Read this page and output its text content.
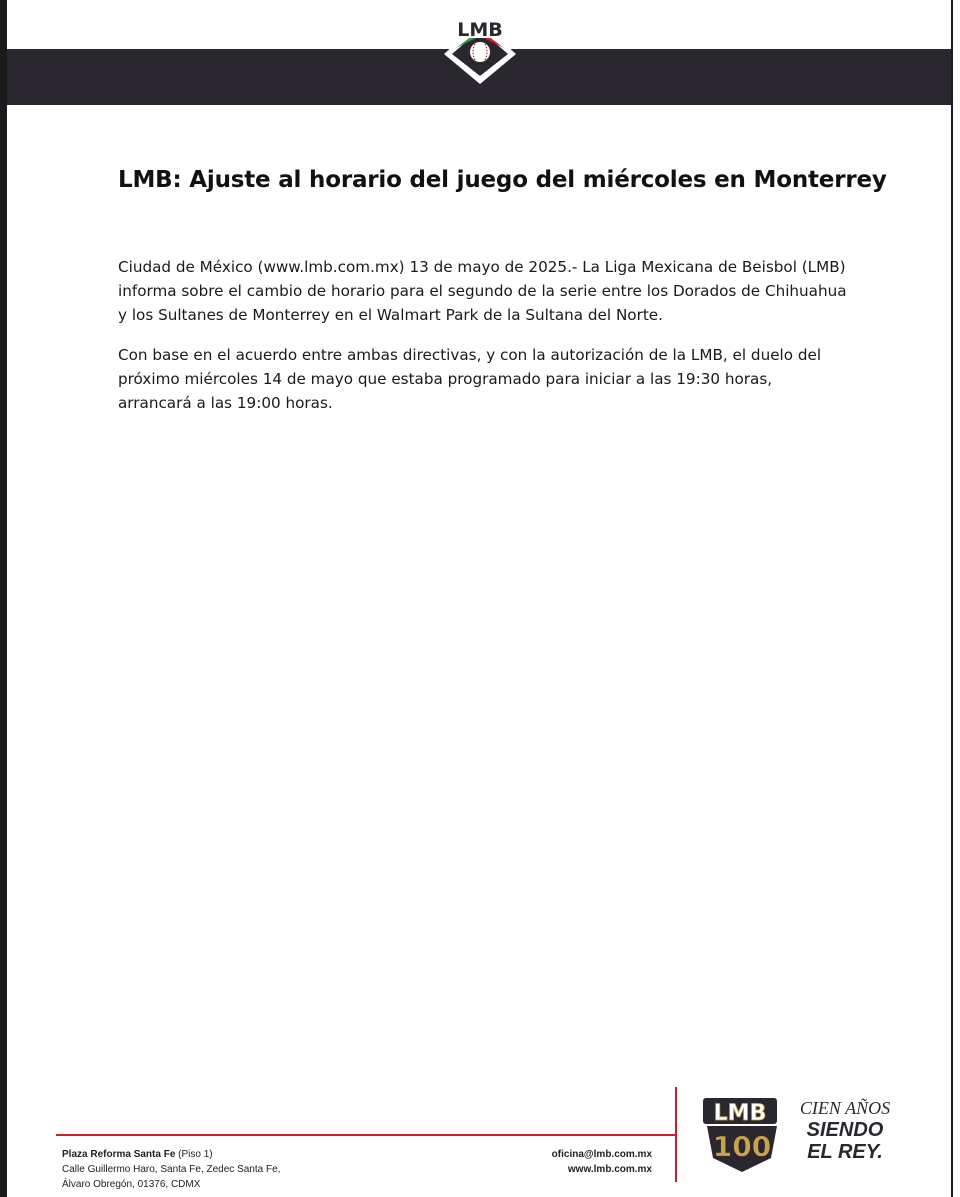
LMB
LMB: Ajuste al horario del juego del miércoles en Monterrey

Ciudad de México (www.lmb.com.mx) 13 de mayo de 2025.- La Liga Mexicana de Beisbol (LMB) informa sobre el cambio de horario para el segundo de la serie entre los Dorados de Chihuahua y los Sultanes de Monterrey en el Walmart Park de la Sultana del Norte.

Con base en el acuerdo entre ambas directivas, y con la autorización de la LMB, el duelo del próximo miércoles 14 de mayo que estaba programado para iniciar a las 19:30 horas, arrancará a las 19:00 horas.

Plaza Reforma Santa Fe (Piso 1)
Calle Guillermo Haro, Santa Fe, Zedec Santa Fe,
Álvaro Obregón, 01376, CDMX
oficina@lmb.com.mx
www.lmb.com.mx
LMB
100
CIEN AÑOS
SIENDO
EL REY.
